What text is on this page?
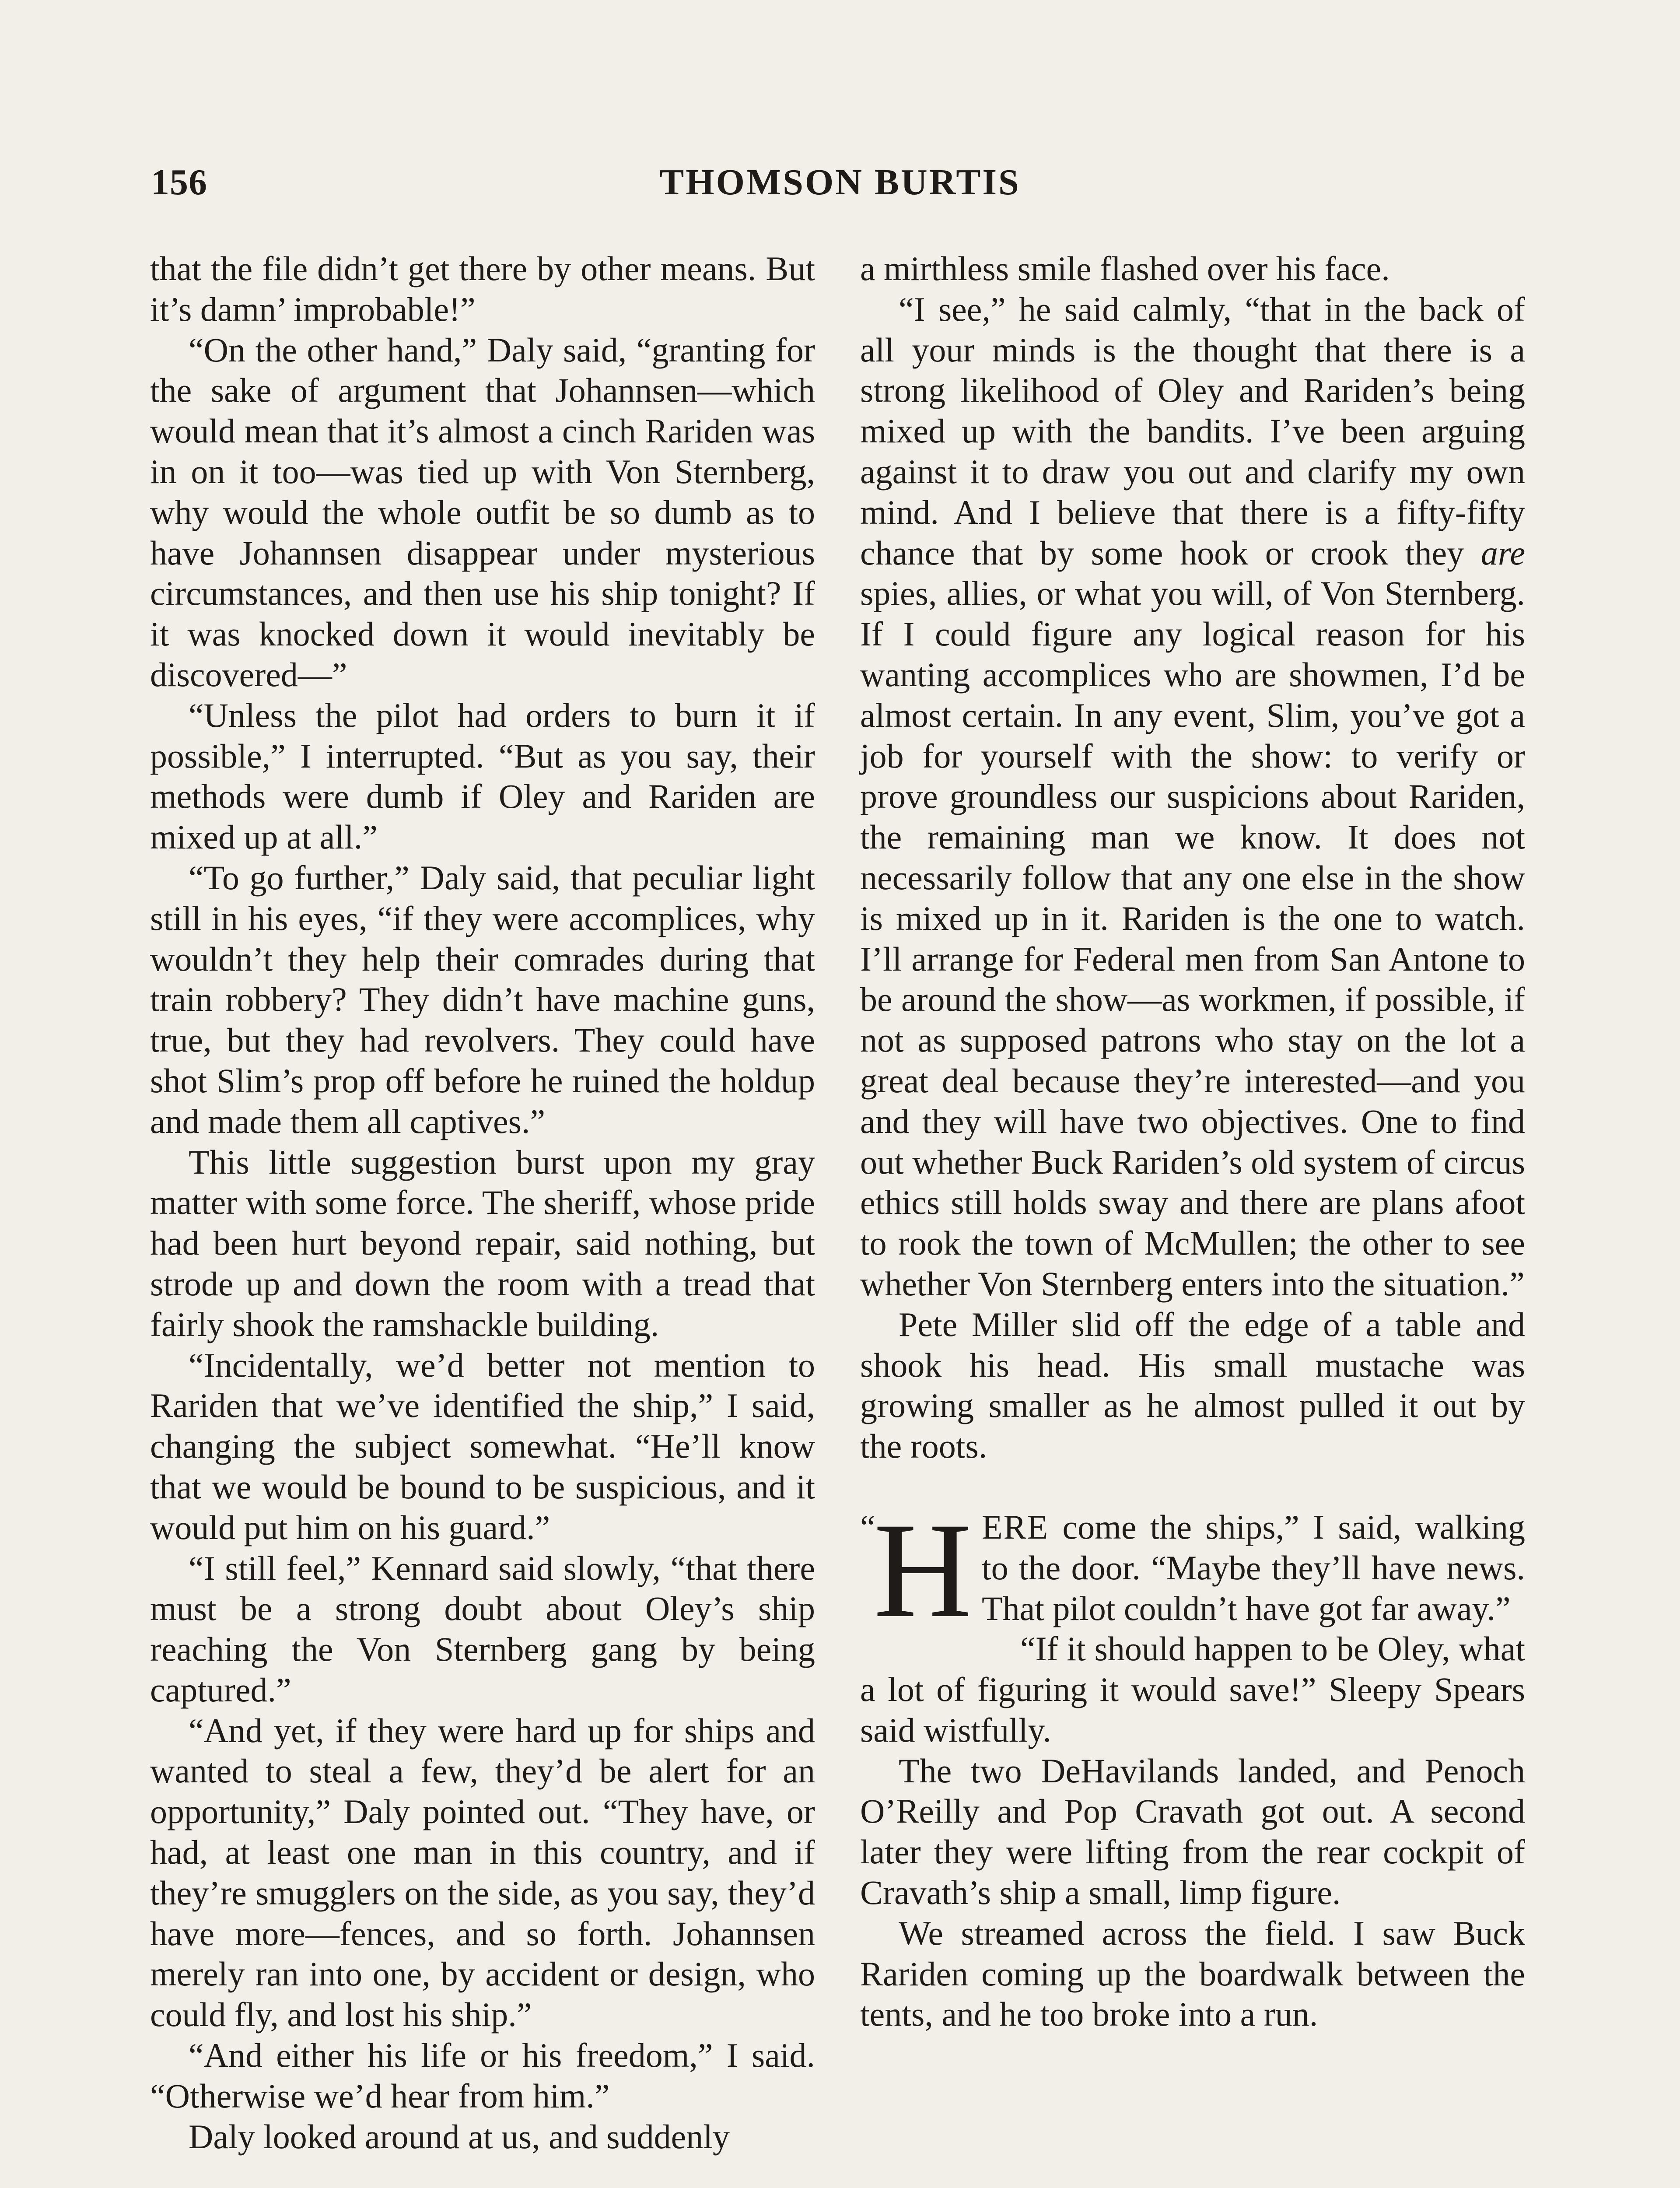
156	THOMSON BURTIS

that the file didn’t get there by other means. But it’s damn’ improbable!”

“On the other hand,” Daly said, “granting for the sake of argument that Johannsen—which would mean that it’s almost a cinch Rariden was in on it too—was tied up with Von Sternberg, why would the whole outfit be so dumb as to have Johannsen disappear under mysterious circumstances, and then use his ship tonight? If it was knocked down it would inevitably be discovered—”

“Unless the pilot had orders to burn it if possible,” I interrupted. “But as you say, their methods were dumb if Oley and Rariden are mixed up at all.”

“To go further,” Daly said, that peculiar light still in his eyes, “if they were accomplices, why wouldn’t they help their comrades during that train robbery? They didn’t have machine guns, true, but they had revolvers. They could have shot Slim’s prop off before he ruined the holdup and made them all captives.”

This little suggestion burst upon my gray matter with some force. The sheriff, whose pride had been hurt beyond repair, said nothing, but strode up and down the room with a tread that fairly shook the ramshackle building.

“Incidentally, we’d better not mention to Rariden that we’ve identified the ship,” I said, changing the subject somewhat. “He’ll know that we would be bound to be suspicious, and it would put him on his guard.”

“I still feel,” Kennard said slowly, “that there must be a strong doubt about Oley’s ship reaching the Von Sternberg gang by being captured.”

“And yet, if they were hard up for ships and wanted to steal a few, they’d be alert for an opportunity,” Daly pointed out. “They have, or had, at least one man in this country, and if they’re smugglers on the side, as you say, they’d have more—fences, and so forth. Johannsen merely ran into one, by accident or design, who could fly, and lost his ship.”

“And either his life or his freedom,” I said. “Otherwise we’d hear from him.”

Daly looked around at us, and suddenly

a mirthless smile flashed over his face.

“I see,” he said calmly, “that in the back of all your minds is the thought that there is a strong likelihood of Oley and Rariden’s being mixed up with the bandits. I’ve been arguing against it to draw you out and clarify my own mind. And I believe that there is a fifty-fifty chance that by some hook or crook they are spies, allies, or what you will, of Von Sternberg. If I could figure any logical reason for his wanting accomplices who are showmen, I’d be almost certain. In any event, Slim, you’ve got a job for yourself with the show: to verify or prove groundless our suspicions about Rariden, the remaining man we know. It does not necessarily follow that any one else in the show is mixed up in it. Rariden is the one to watch. I’ll arrange for Federal men from San Antone to be around the show—as workmen, if possible, if not as supposed patrons who stay on the lot a great deal because they’re interested—and you and they will have two objectives. One to find out whether Buck Rariden’s old system of circus ethics still holds sway and there are plans afoot to rook the town of McMullen; the other to see whether Von Sternberg enters into the situation.”

Pete Miller slid off the edge of a table and shook his head. His small mustache was growing smaller as he almost pulled it out by the roots.

“
H ERE come the ships,” I said, walking to the door. “Maybe they’ll have news. That pilot couldn’t have got far away.”

“If it should happen to be Oley, what a lot of figuring it would save!” Sleepy Spears said wistfully.

The two DeHavilands landed, and Penoch O’Reilly and Pop Cravath got out. A second later they were lifting from the rear cockpit of Cravath’s ship a small, limp figure.

We streamed across the field. I saw Buck Rariden coming up the boardwalk between the tents, and he too broke into a run.
